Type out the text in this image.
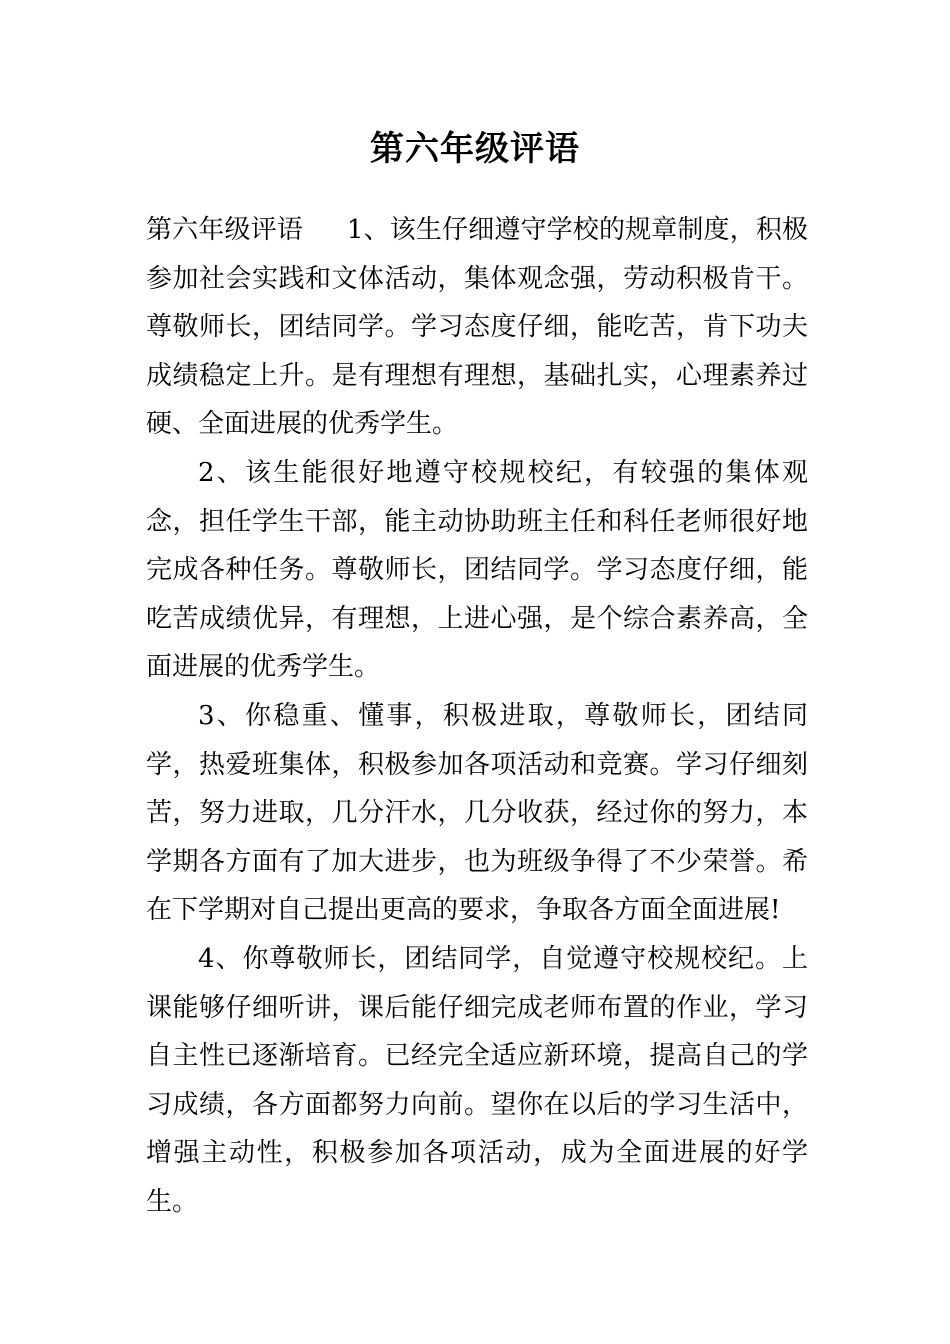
第六年级评语

第六年级评语 1、该生仔细遵守学校的规章制度，积极参加社会实践和文体活动，集体观念强，劳动积极肯干。尊敬师长，团结同学。学习态度仔细，能吃苦，肯下功夫成绩稳定上升。是有理想有理想，基础扎实，心理素养过硬、全面进展的优秀学生。

2、该生能很好地遵守校规校纪，有较强的集体观念，担任学生干部，能主动协助班主任和科任老师很好地完成各种任务。尊敬师长，团结同学。学习态度仔细，能吃苦成绩优异，有理想，上进心强，是个综合素养高，全面进展的优秀学生。

3、你稳重、懂事，积极进取，尊敬师长，团结同学，热爱班集体，积极参加各项活动和竞赛。学习仔细刻苦，努力进取，几分汗水，几分收获，经过你的努力，本学期各方面有了加大进步，也为班级争得了不少荣誉。希在下学期对自己提出更高的要求，争取各方面全面进展!

4、你尊敬师长，团结同学，自觉遵守校规校纪。上课能够仔细听讲，课后能仔细完成老师布置的作业，学习自主性已逐渐培育。已经完全适应新环境，提高自己的学习成绩，各方面都努力向前。望你在以后的学习生活中，增强主动性，积极参加各项活动，成为全面进展的好学生。
